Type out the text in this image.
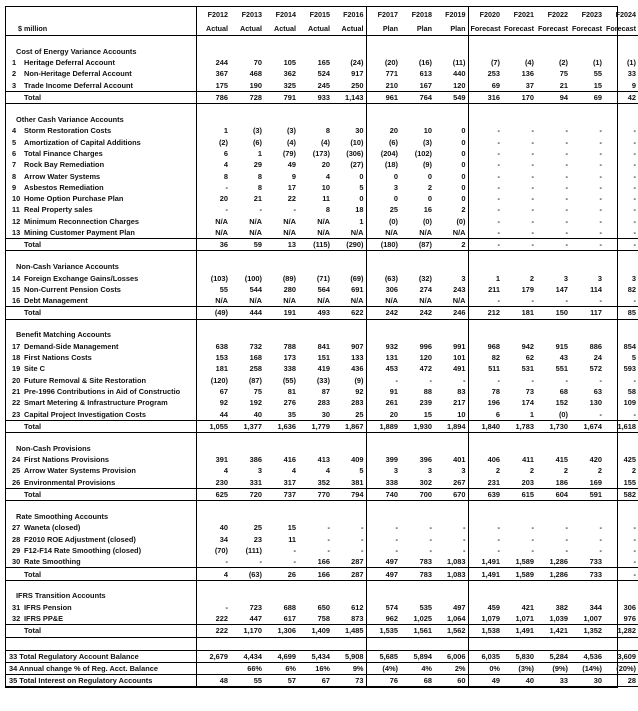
		F2012	F2013	F2014	F2015	F2016	F2017	F2018	F2019	F2020	F2021	F2022	F2023	F2024
$ million		Actual	Actual	Actual	Actual	Actual	Plan	Plan	Plan	Forecast	Forecast	Forecast	Forecast	Forecast

Cost of Energy Variance Accounts														
1	Heritage Deferral Account	244	70	105	165	(24)	(20)	(16)	(11)	(7)	(4)	(2)	(1)	(1)
2	Non-Heritage Deferral Account	367	468	362	524	917	771	613	440	253	136	75	55	33
3	Trade Income Deferral Account	175	190	325	245	250	210	167	120	69	37	21	15	9
	Total	786	728	791	933	1,143	961	764	549	316	170	94	69	42

Other Cash Variance Accounts														
4	Storm Restoration Costs	1	(3)	(3)	8	30	20	10	0	-	-	-	-	-
5	Amortization of Capital Additions	(2)	(6)	(4)	(4)	(10)	(6)	(3)	0	-	-	-	-	-
6	Total Finance Charges	6	1	(79)	(173)	(306)	(204)	(102)	0	-	-	-	-	-
7	Rock Bay Remediation	4	29	49	20	(27)	(18)	(9)	0	-	-	-	-	-
8	Arrow Water Systems	8	8	9	4	0	0	0	0	-	-	-	-	-
9	Asbestos Remediation	-	8	17	10	5	3	2	0	-	-	-	-	-
10	Home Option Purchase Plan	20	21	22	11	0	0	0	0	-	-	-	-	-
11	Real Property sales	-	-	-	8	18	25	16	2	-	-	-	-	-
12	Minimum Reconnection Charges	N/A	N/A	N/A	N/A	1	(0)	(0)	(0)	-	-	-	-	-
13	Mining Customer Payment Plan	N/A	N/A	N/A	N/A	N/A	N/A	N/A	N/A	-	-	-	-	-
	Total	36	59	13	(115)	(290)	(180)	(87)	2	-	-	-	-	-

Non-Cash Variance Accounts														
14	Foreign Exchange Gains/Losses	(103)	(100)	(89)	(71)	(69)	(63)	(32)	3	1	2	3	3	3
15	Non-Current Pension Costs	55	544	280	564	691	306	274	243	211	179	147	114	82
16	Debt Management	N/A	N/A	N/A	N/A	N/A	N/A	N/A	N/A	-	-	-	-	-
	Total	(49)	444	191	493	622	242	242	246	212	181	150	117	85

Benefit Matching Accounts														
17	Demand-Side Management	638	732	788	841	907	932	996	991	968	942	915	886	854
18	First Nations Costs	153	168	173	151	133	131	120	101	82	62	43	24	5
19	Site C	181	258	338	419	436	453	472	491	511	531	551	572	593
20	Future Removal & Site Restoration	(120)	(87)	(55)	(33)	(9)	-	-	-	-	-	-	-	-
21	Pre-1996 Contributions in Aid of Constructio	67	75	81	87	92	91	88	83	78	73	68	63	58
22	Smart Metering & Infrastructure Program	92	192	276	283	283	261	239	217	196	174	152	130	109
23	Capital Project Investigation Costs	44	40	35	30	25	20	15	10	6	1	(0)	-	-
	Total	1,055	1,377	1,636	1,779	1,867	1,889	1,930	1,894	1,840	1,783	1,730	1,674	1,618

Non-Cash Provisions														
24	First Nations Provisions	391	386	416	413	409	399	396	401	406	411	415	420	425
25	Arrow Water Systems Provision	4	3	4	4	5	3	3	3	2	2	2	2	2
26	Environmental Provisions	230	331	317	352	381	338	302	267	231	203	186	169	155
	Total	625	720	737	770	794	740	700	670	639	615	604	591	582

Rate Smoothing Accounts														
27	Waneta (closed)	40	25	15	-	-	-	-	-	-	-	-	-	-
28	F2010 ROE Adjustment (closed)	34	23	11	-	-	-	-	-	-	-	-	-	-
29	F12-F14 Rate Smoothing (closed)	(70)	(111)	-	-	-	-	-	-	-	-	-	-	-
30	Rate Smoothing	-	-	-	166	287	497	783	1,083	1,491	1,589	1,286	733	-
	Total	4	(63)	26	166	287	497	783	1,083	1,491	1,589	1,286	733	-

IFRS Transition Accounts														
31	IFRS Pension	-	723	688	650	612	574	535	497	459	421	382	344	306
32	IFRS PP&E	222	447	617	758	873	962	1,025	1,064	1,079	1,071	1,039	1,007	976
	Total	222	1,170	1,306	1,409	1,485	1,535	1,561	1,562	1,538	1,491	1,421	1,352	1,282

33 Total Regulatory Account Balance		2,679	4,434	4,699	5,434	5,908	5,685	5,894	6,006	6,035	5,830	5,284	4,536	3,609
34 Annual change % of Reg. Acct. Balance			66%	6%	16%	9%	(4%)	4%	2%	0%	(3%)	(9%)	(14%)	(20%)
35 Total Interest on Regulatory Accounts		48	55	57	67	73	76	68	60	49	40	33	30	28
